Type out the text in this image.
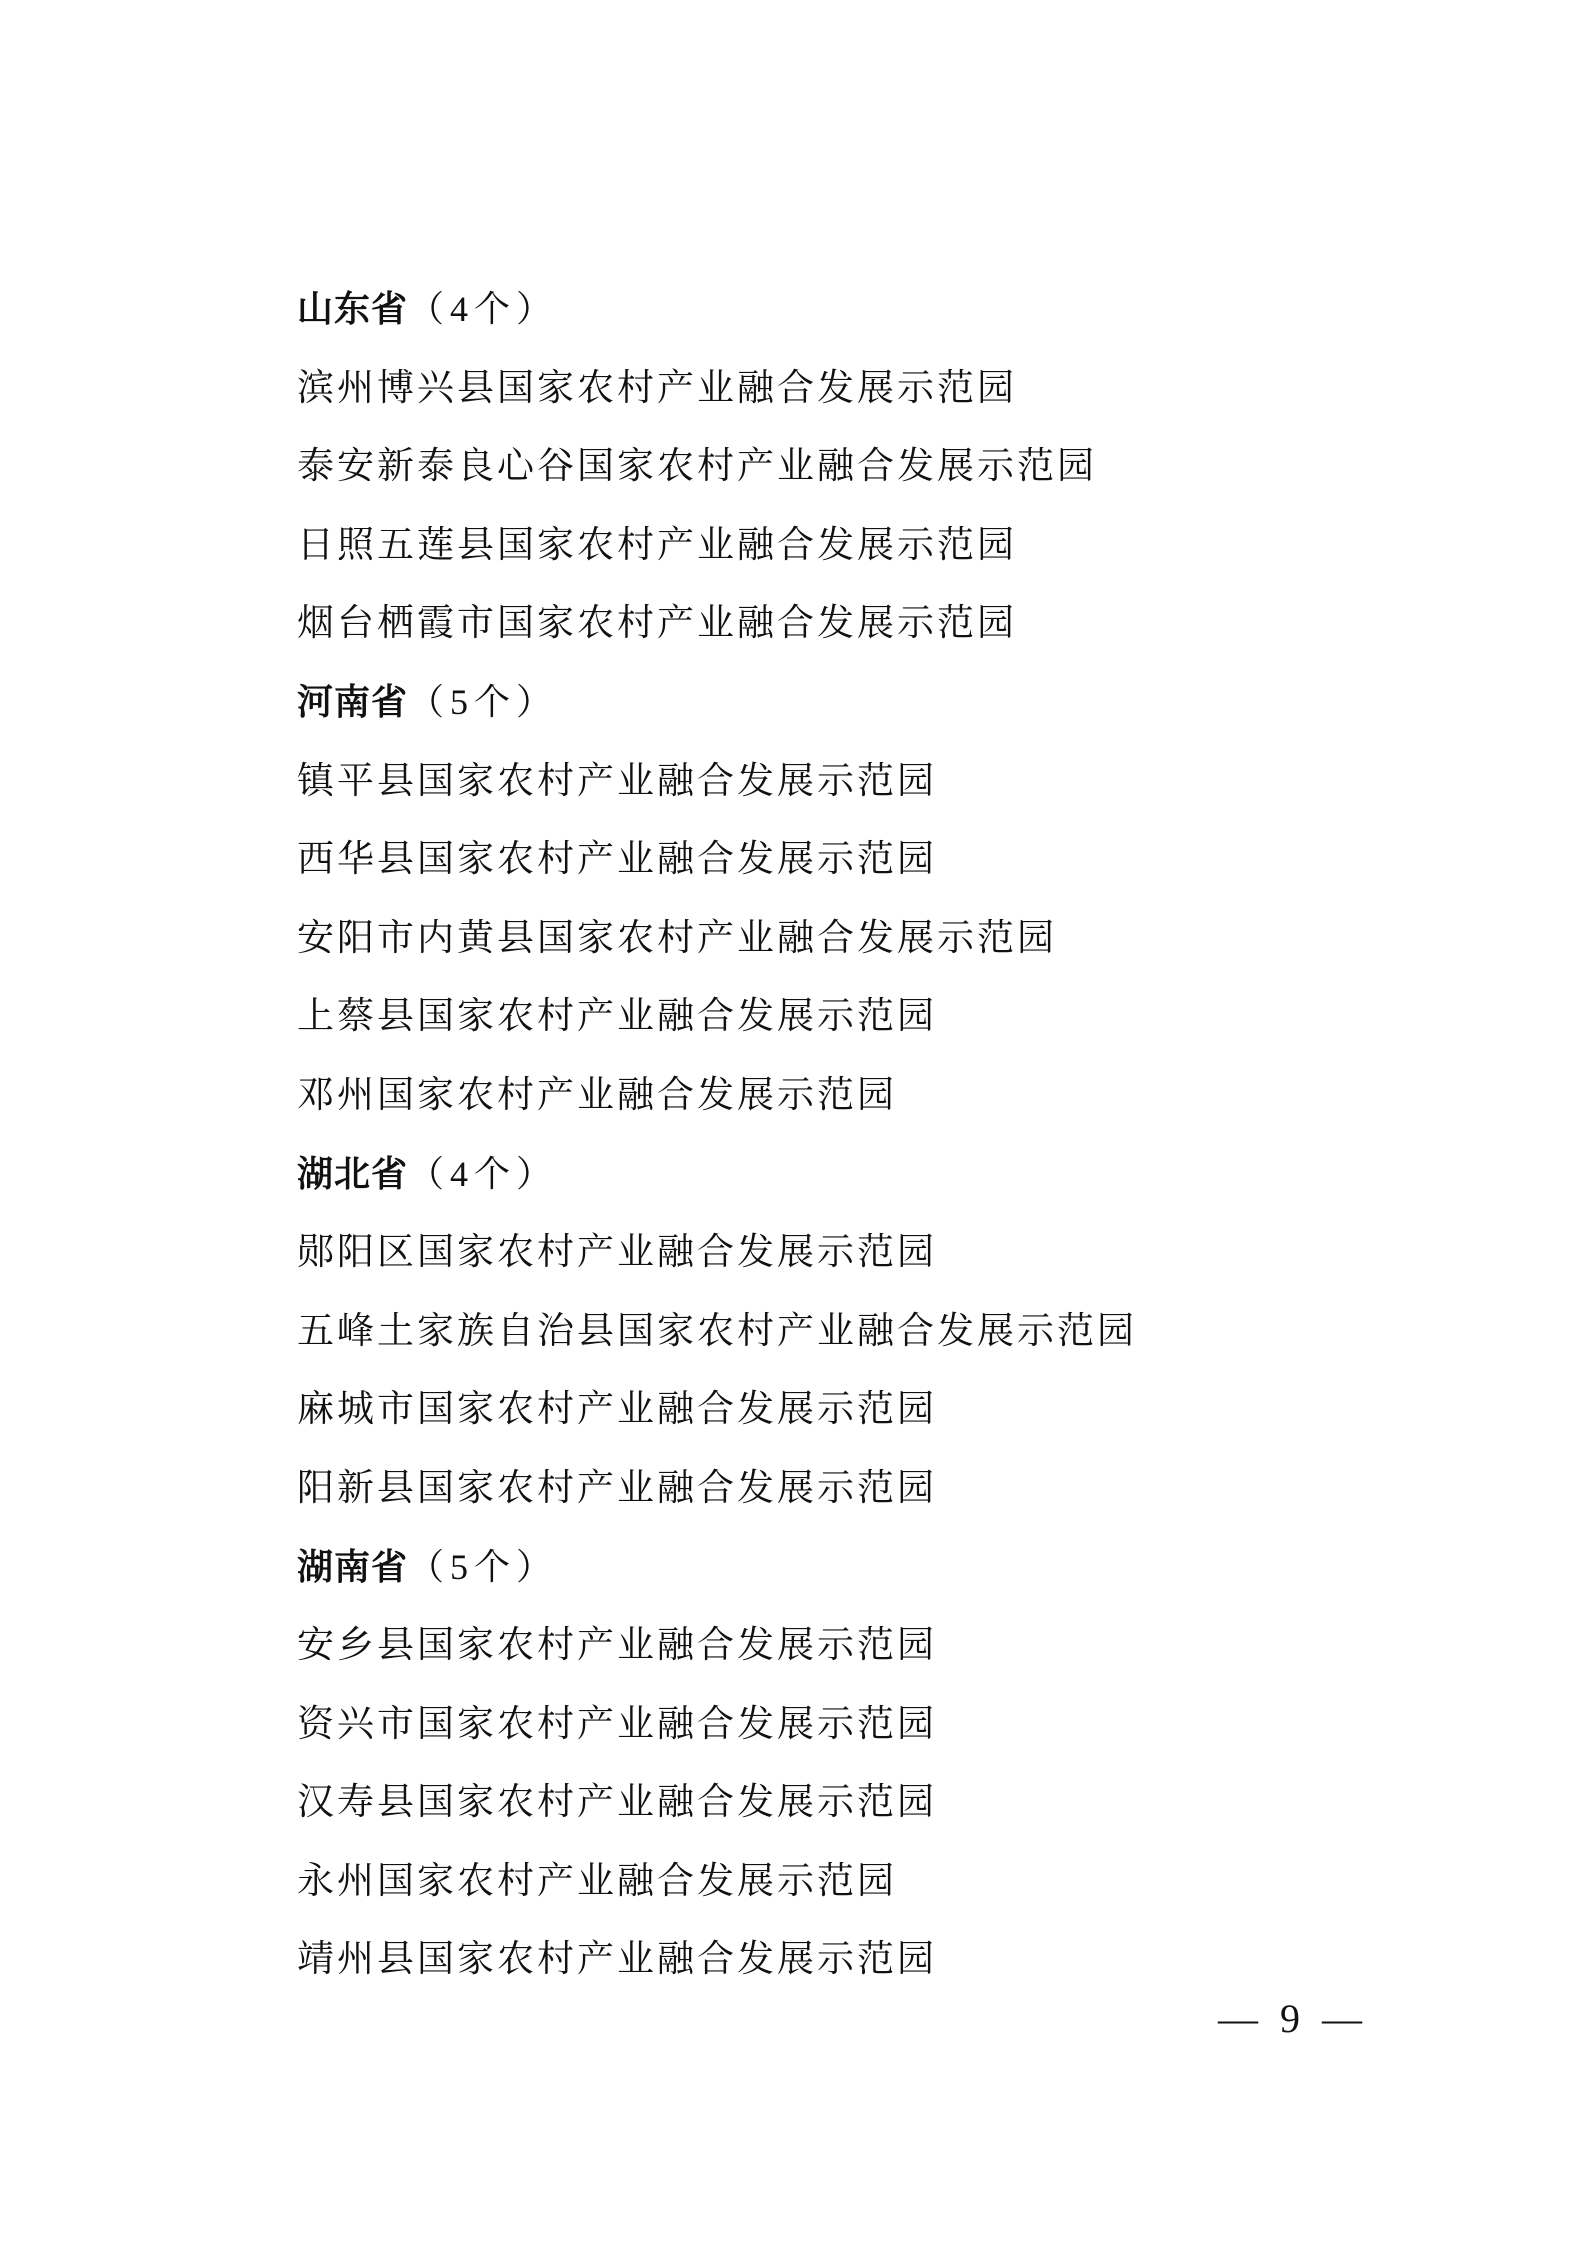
山东省（4个）
滨州博兴县国家农村产业融合发展示范园
泰安新泰良心谷国家农村产业融合发展示范园
日照五莲县国家农村产业融合发展示范园
烟台栖霞市国家农村产业融合发展示范园
河南省（5个）
镇平县国家农村产业融合发展示范园
西华县国家农村产业融合发展示范园
安阳市内黄县国家农村产业融合发展示范园
上蔡县国家农村产业融合发展示范园
邓州国家农村产业融合发展示范园
湖北省（4个）
郧阳区国家农村产业融合发展示范园
五峰土家族自治县国家农村产业融合发展示范园
麻城市国家农村产业融合发展示范园
阳新县国家农村产业融合发展示范园
湖南省（5个）
安乡县国家农村产业融合发展示范园
资兴市国家农村产业融合发展示范园
汉寿县国家农村产业融合发展示范园
永州国家农村产业融合发展示范园
靖州县国家农村产业融合发展示范园
— 9 —
